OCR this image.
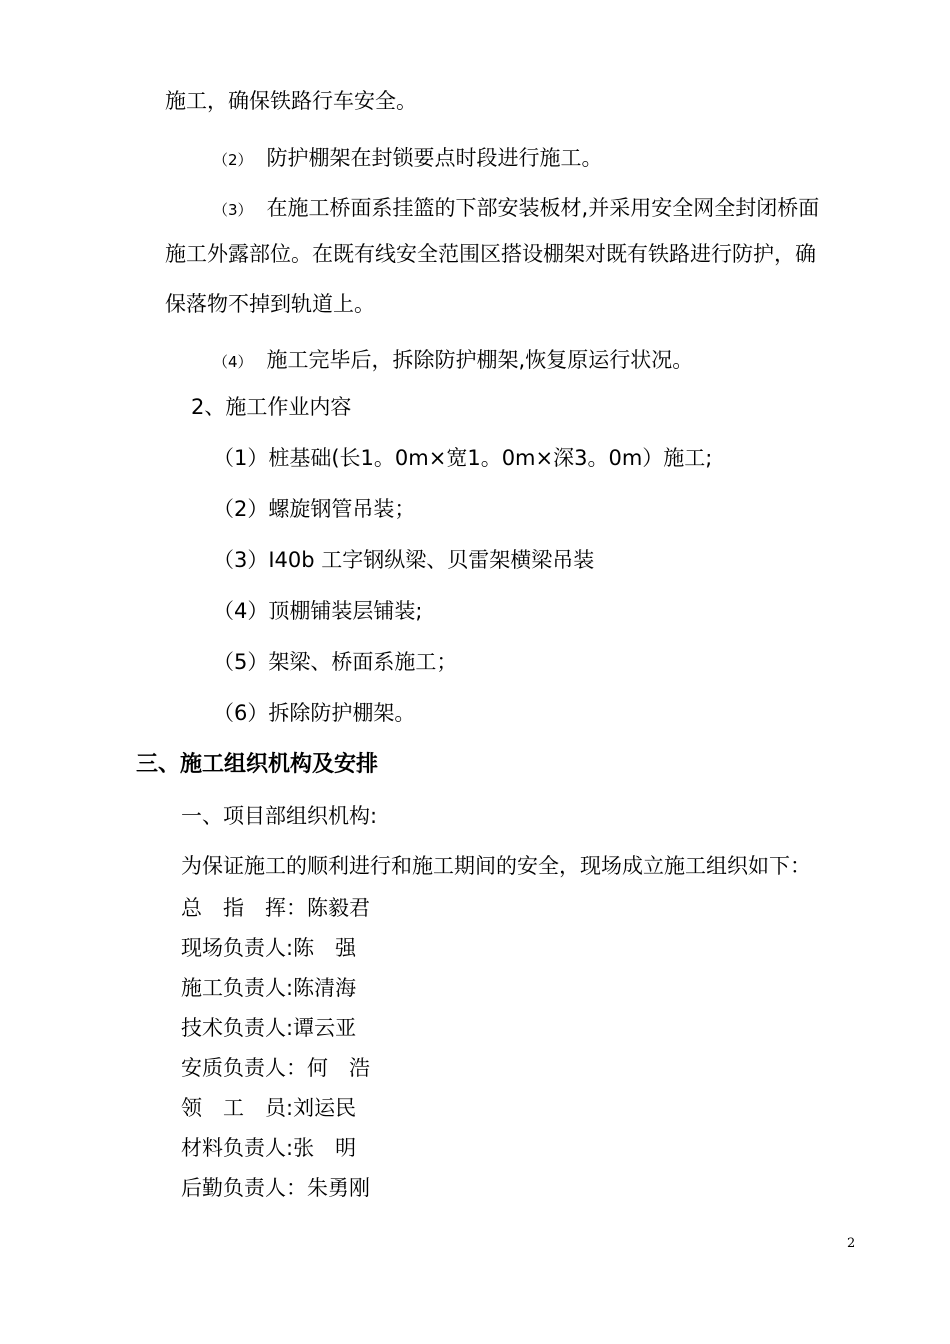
施工，确保铁路行车安全。
（2） 防护棚架在封锁要点时段进行施工。
（3） 在施工桥面系挂篮的下部安装板材,并采用安全网全封闭桥面
施工外露部位。在既有线安全范围区搭设棚架对既有铁路进行防护，确
保落物不掉到轨道上。
（4） 施工完毕后，拆除防护棚架,恢复原运行状况。
2、施工作业内容
（1）桩基础(长1。0m×宽1。0m×深3。0m）施工;
（2）螺旋钢管吊装；
（3）I40b 工字钢纵梁、贝雷架横梁吊装
（4）顶棚铺装层铺装;
（5）架梁、桥面系施工；
（6）拆除防护棚架。
三、施工组织机构及安排
一、项目部组织机构:
为保证施工的顺利进行和施工期间的安全，现场成立施工组织如下：
总　指　挥：陈毅君
现场负责人:陈　强
施工负责人:陈清海
技术负责人:谭云亚
安质负责人：何　浩
领　工　员:刘运民
材料负责人:张　明
后勤负责人：朱勇刚
2
